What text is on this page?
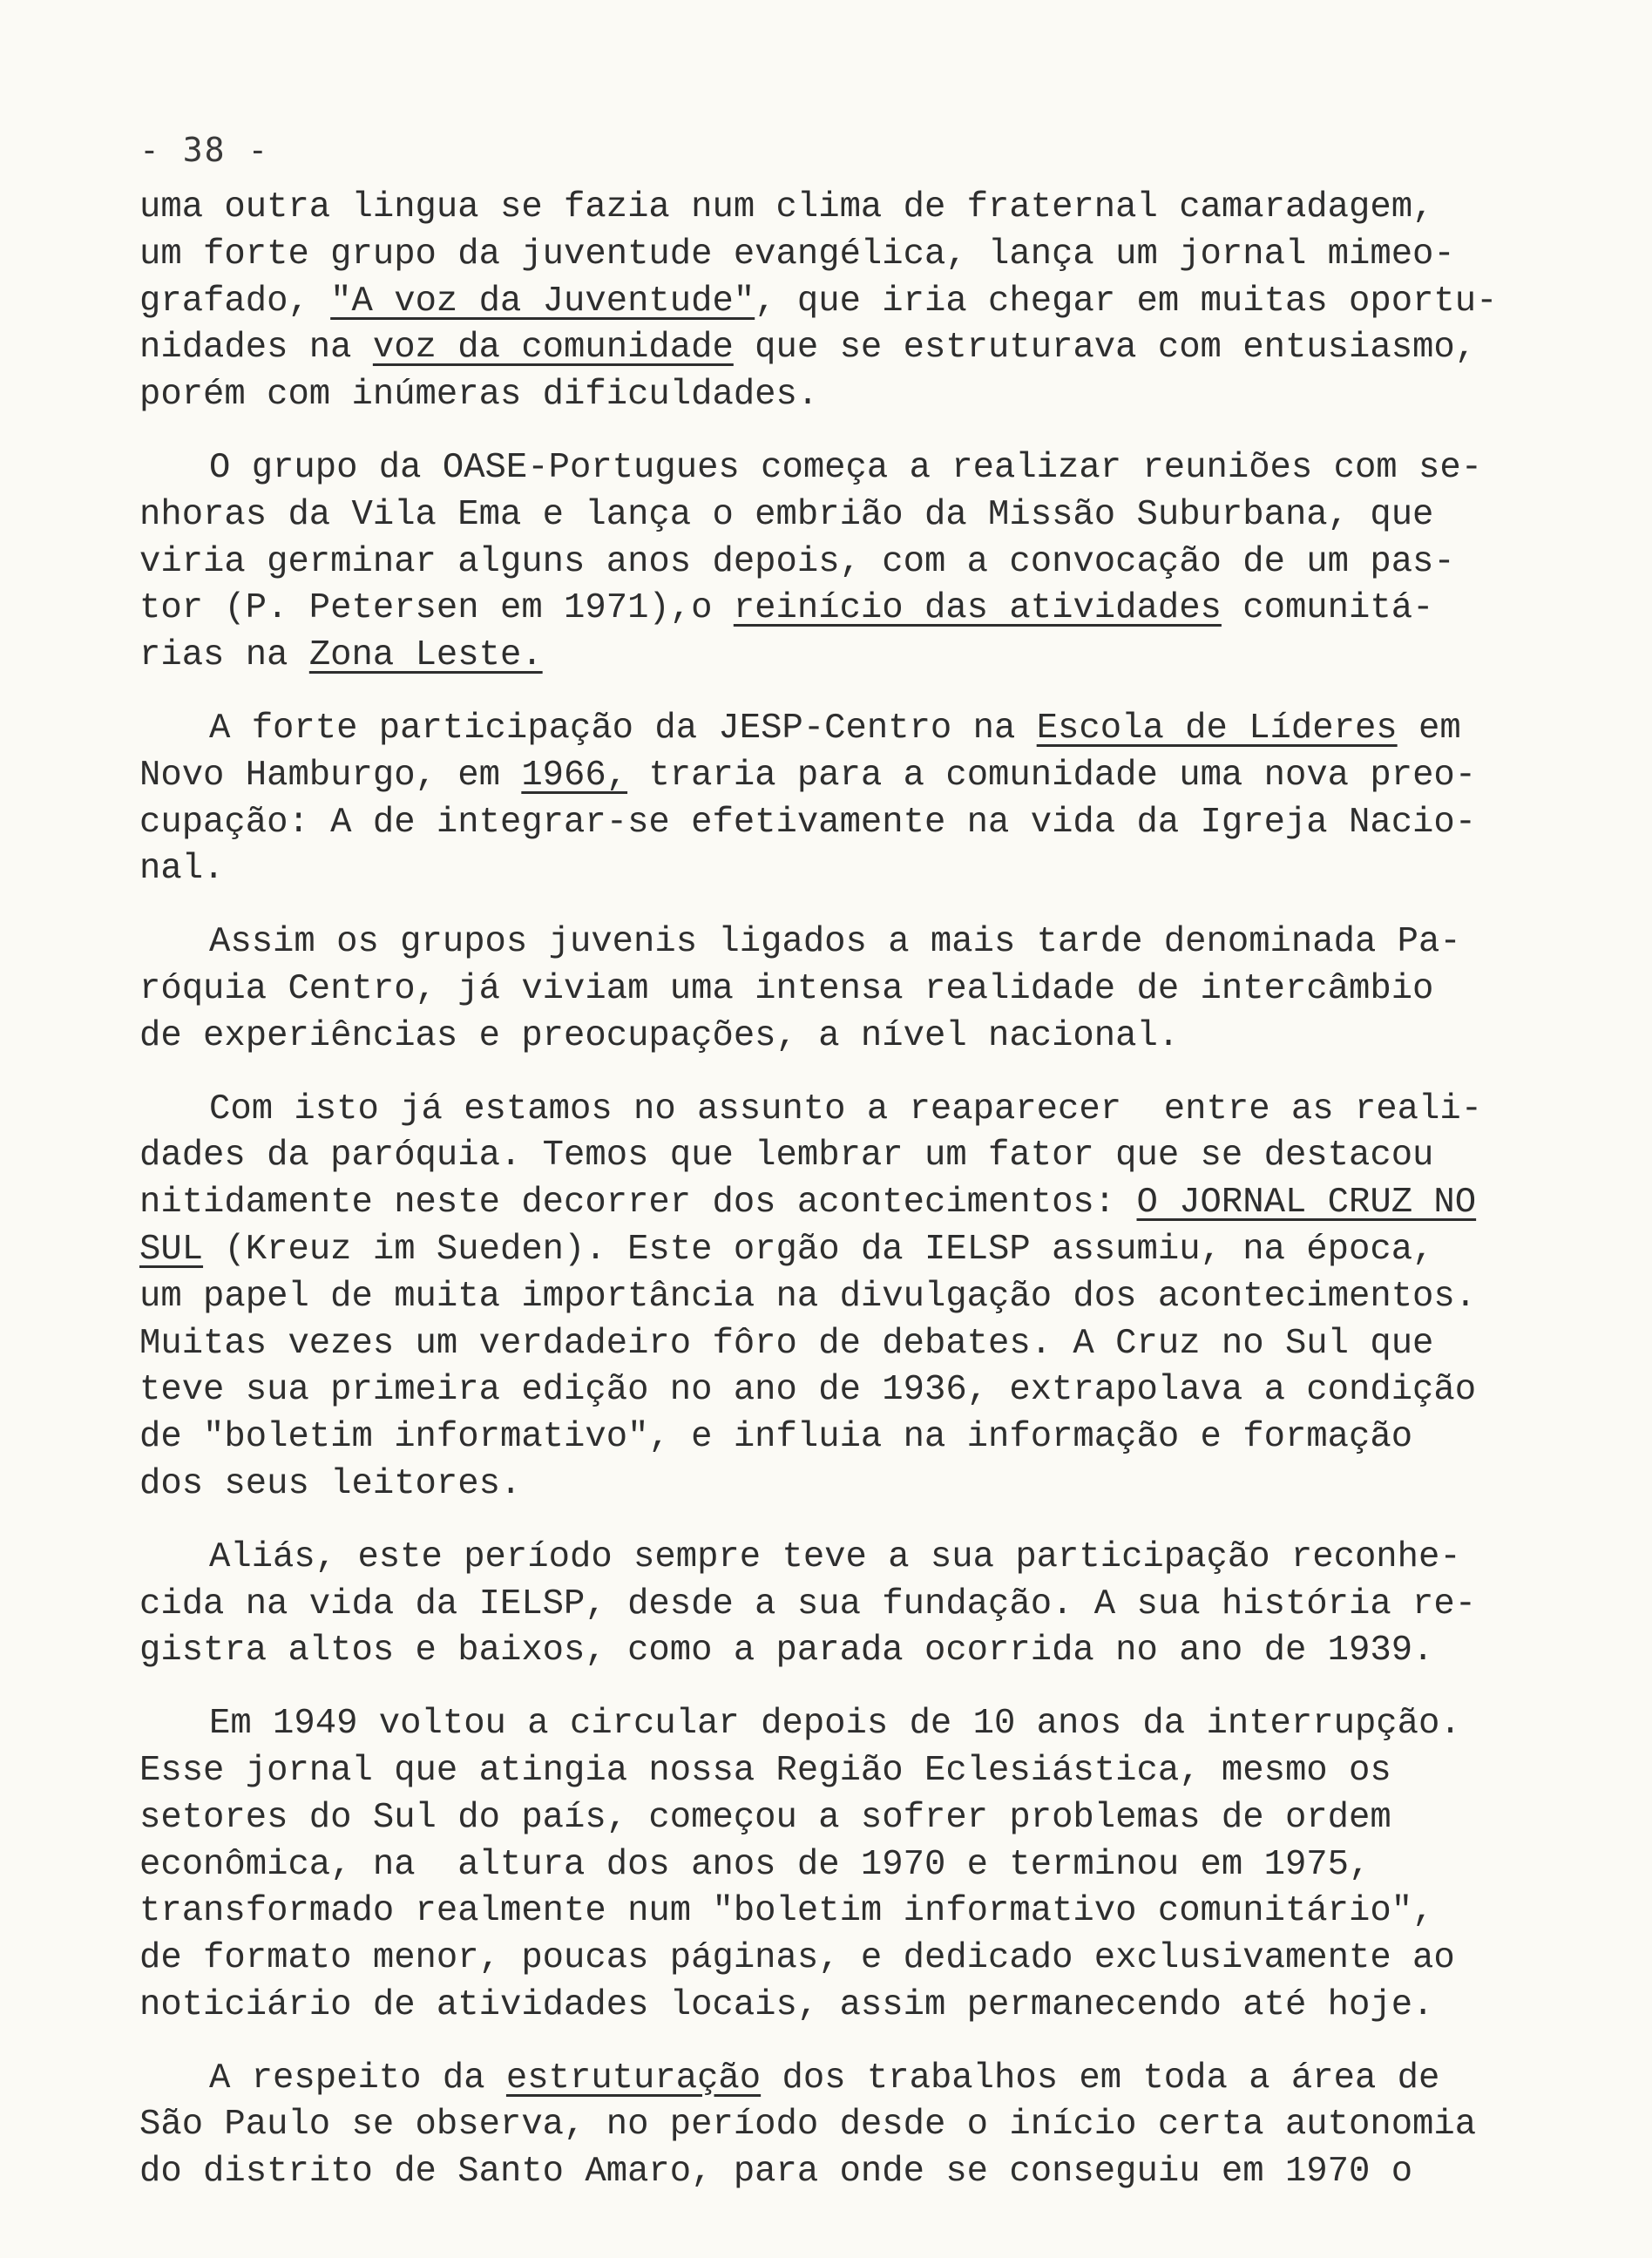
- 38 -
uma outra lingua se fazia num clima de fraternal camaradagem,
um forte grupo da juventude evangélica, lança um jornal mimeo-
grafado, "A voz da Juventude", que iria chegar em muitas oportu-
nidades na voz da comunidade que se estruturava com entusiasmo,
porém com inúmeras dificuldades.
O grupo da OASE-Portugues começa a realizar reuniões com se-
nhoras da Vila Ema e lança o embrião da Missão Suburbana, que
viria germinar alguns anos depois, com a convocação de um pas-
tor (P. Petersen em 1971),o reinício das atividades comunitá-
rias na Zona Leste.
A forte participação da JESP-Centro na Escola de Líderes em
Novo Hamburgo, em 1966, traria para a comunidade uma nova preo-
cupação: A de integrar-se efetivamente na vida da Igreja Nacio-
nal.
Assim os grupos juvenis ligados a mais tarde denominada Pa-
róquia Centro, já viviam uma intensa realidade de intercâmbio
de experiências e preocupações, a nível nacional.
Com isto já estamos no assunto a reaparecer  entre as reali-
dades da paróquia. Temos que lembrar um fator que se destacou
nitidamente neste decorrer dos acontecimentos: O JORNAL CRUZ NO
SUL (Kreuz im Sueden). Este orgão da IELSP assumiu, na época,
um papel de muita importância na divulgação dos acontecimentos.
Muitas vezes um verdadeiro fôro de debates. A Cruz no Sul que
teve sua primeira edição no ano de 1936, extrapolava a condição
de "boletim informativo", e influia na informação e formação
dos seus leitores.
Aliás, este período sempre teve a sua participação reconhe-
cida na vida da IELSP, desde a sua fundação. A sua história re-
gistra altos e baixos, como a parada ocorrida no ano de 1939.
Em 1949 voltou a circular depois de 10 anos da interrupção.
Esse jornal que atingia nossa Região Eclesiástica, mesmo os
setores do Sul do país, começou a sofrer problemas de ordem
econômica, na  altura dos anos de 1970 e terminou em 1975,
transformado realmente num "boletim informativo comunitário",
de formato menor, poucas páginas, e dedicado exclusivamente ao
noticiário de atividades locais, assim permanecendo até hoje.
A respeito da estruturação dos trabalhos em toda a área de
São Paulo se observa, no período desde o início certa autonomia
do distrito de Santo Amaro, para onde se conseguiu em 1970 o
